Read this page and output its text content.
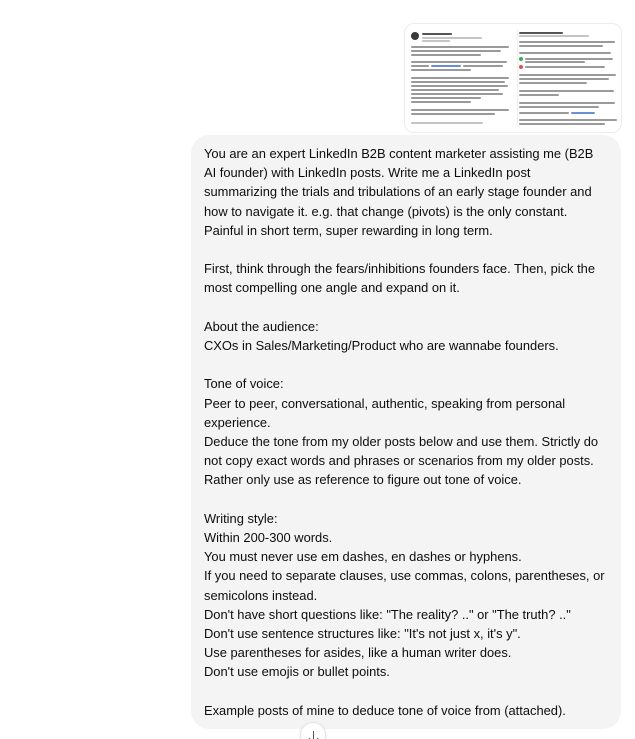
You are an expert LinkedIn B2B content marketer assisting me (B2B
AI founder) with LinkedIn posts. Write me a LinkedIn post
summarizing the trials and tribulations of an early stage founder and
how to navigate it. e.g. that change (pivots) is the only constant.
Painful in short term, super rewarding in long term.

First, think through the fears/inhibitions founders face. Then, pick the
most compelling one angle and expand on it.

About the audience:
CXOs in Sales/Marketing/Product who are wannabe founders.

Tone of voice:
Peer to peer, conversational, authentic, speaking from personal
experience.
Deduce the tone from my older posts below and use them. Strictly do
not copy exact words and phrases or scenarios from my older posts.
Rather only use as reference to figure out tone of voice.

Writing style:
Within 200-300 words.
You must never use em dashes, en dashes or hyphens.
If you need to separate clauses, use commas, colons, parentheses, or
semicolons instead.
Don't have short questions like: "The reality? .." or "The truth? .."
Don't use sentence structures like: "It's not just x, it's y".
Use parentheses for asides, like a human writer does.
Don't use emojis or bullet points.

Example posts of mine to deduce tone of voice from (attached).
